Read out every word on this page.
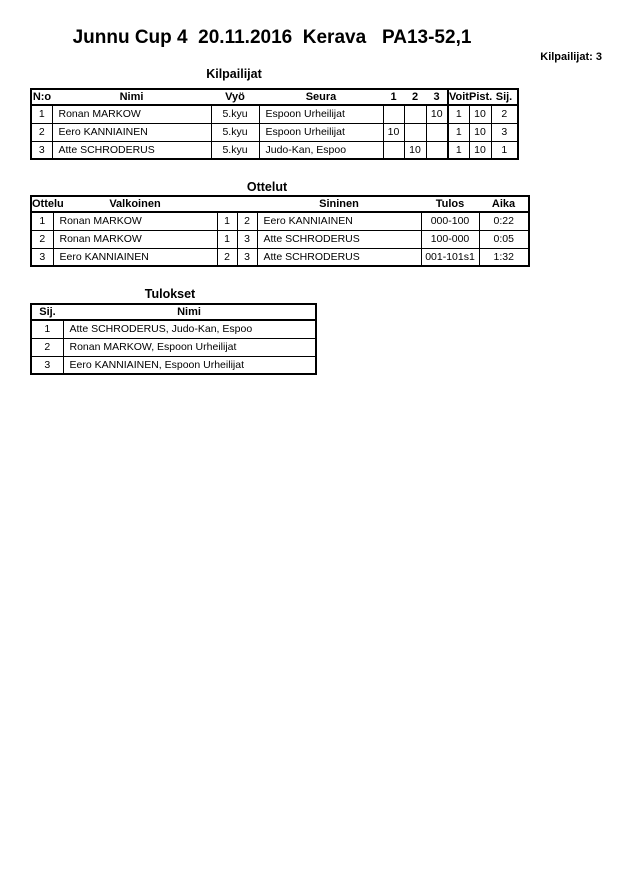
Junnu Cup 4  20.11.2016  Kerava   PA13-52,1
Kilpailijat: 3
Kilpailijat
N:o	Nimi	Vyö	Seura	1	2	3	Voit.	Pist.	Sij.
1	Ronan MARKOW	5.kyu	Espoon Urheilijat			10	1	10	2
2	Eero KANNIAINEN	5.kyu	Espoon Urheilijat	10			1	10	3
3	Atte SCHRODERUS	5.kyu	Judo-Kan, Espoo		10		1	10	1
Ottelut
Ottelu	Valkoinen			Sininen	Tulos	Aika
1	Ronan MARKOW	1	2	Eero KANNIAINEN	000-100	0:22
2	Ronan MARKOW	1	3	Atte SCHRODERUS	100-000	0:05
3	Eero KANNIAINEN	2	3	Atte SCHRODERUS	001-101s1	1:32
Tulokset
Sij.	Nimi
1	Atte SCHRODERUS, Judo-Kan, Espoo
2	Ronan MARKOW, Espoon Urheilijat
3	Eero KANNIAINEN, Espoon Urheilijat
